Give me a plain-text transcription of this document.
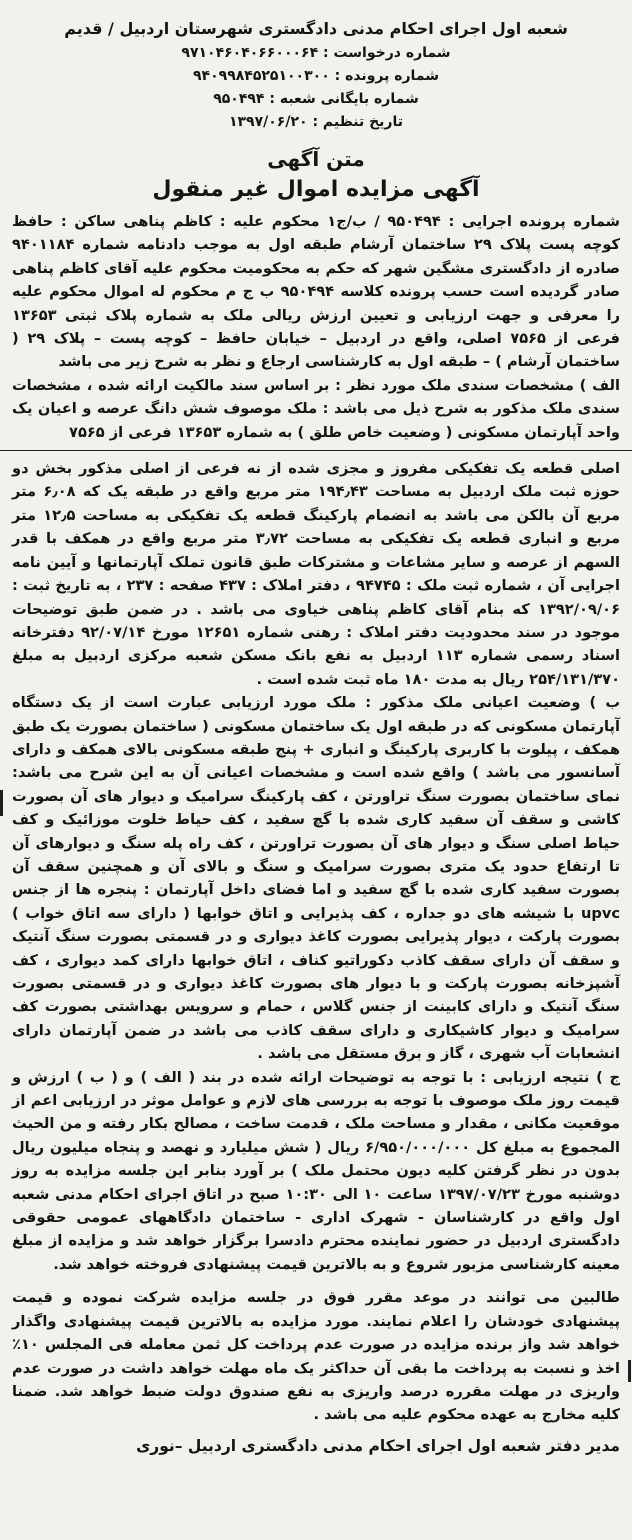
شعبه اول اجرای احکام مدنی دادگستری شهرستان اردبیل / قدیم
شماره درخواست : ۹۷۱۰۴۶۰۴۰۶۶۰۰۰۶۴
شماره پرونده : ۹۴۰۹۹۸۴۵۲۵۱۰۰۳۰۰
شماره بایگانی شعبه : ۹۵۰۴۹۴
تاریخ تنظیم : ۱۳۹۷/۰۶/۲۰
متن آگهی
آگهی مزایده اموال غیر منقول

شماره پرونده اجرایی : ۹۵۰۴۹۴ / ب/ج۱ محکوم علیه : کاظم پناهی ساکن : حافظ کوچه پست پلاک ۲۹ ساختمان آرشام طبقه اول به موجب دادنامه شماره ۹۴۰۱۱۸۴ صادره از دادگستری مشگین شهر که حکم به محکومیت محکوم علیه آقای کاظم پناهی صادر گردیده است حسب پرونده کلاسه ۹۵۰۴۹۴ ب ج م محکوم له اموال محکوم علیه را معرفی و جهت ارزیابی و تعیین ارزش ریالی ملک به شماره پلاک ثبتی ۱۳۶۵۳ فرعی از ۷۵۶۵ اصلی، واقع در اردبیل – خیابان حافظ – کوچه پست – پلاک ۲۹ ( ساختمان آرشام ) – طبقه اول به کارشناسی ارجاع و نظر به شرح زیر می باشد

الف ) مشخصات سندی ملک مورد نظر : بر اساس سند مالکیت ارائه شده ، مشخصات سندی ملک مذکور به شرح ذیل می باشد : ملک موصوف شش دانگ عرصه و اعیان یک واحد آپارتمان مسکونی ( وضعیت خاص طلق ) به شماره ۱۳۶۵۳ فرعی از ۷۵۶۵

اصلی قطعه یک تفکیکی مفروز و مجزی شده از نه فرعی از اصلی مذکور بخش دو حوزه ثبت ملک اردبیل به مساحت ۱۹۴٫۴۳ متر مربع واقع در طبقه یک که ۶٫۰۸ متر مربع آن بالکن می باشد به انضمام پارکینگ قطعه یک تفکیکی به مساحت ۱۲٫۵ متر مربع و انباری قطعه یک تفکیکی به مساحت ۳٫۷۲ متر مربع واقع در همکف با قدر السهم از عرصه و سایر مشاعات و مشترکات طبق قانون تملک آپارتمانها و آیین نامه اجرایی آن ، شماره ثبت ملک : ۹۴۷۴۵ ، دفتر املاک : ۴۳۷ صفحه : ۲۳۷ ، به تاریخ ثبت : ۱۳۹۲/۰۹/۰۶ که بنام آقای کاظم پناهی خیاوی می باشد . در ضمن طبق توضیحات موجود در سند محدودیت دفتر املاک : رهنی شماره ۱۲۶۵۱ مورخ ۹۲/۰۷/۱۴ دفترخانه اسناد رسمی شماره ۱۱۳ اردبیل به نفع بانک مسکن شعبه مرکزی اردبیل به مبلغ ۲۵۴/۱۳۱/۳۷۰ ریال به مدت ۱۸۰ ماه ثبت شده است .

ب ) وضعیت اعیانی ملک مذکور : ملک مورد ارزیابی عبارت است از یک دستگاه آپارتمان مسکونی که در طبقه اول یک ساختمان مسکونی ( ساختمان بصورت یک طبق همکف ، پیلوت با کاربری پارکینگ و انباری + پنج طبقه مسکونی بالای همکف و دارای آسانسور می باشد ) واقع شده است و مشخصات اعیانی آن به این شرح می باشد: نمای ساختمان بصورت سنگ تراورتن ، کف پارکینگ سرامیک و دیوار های آن بصورت کاشی و سقف آن سفید کاری شده با گچ سفید ، کف حیاط خلوت موزائیک و کف حیاط اصلی سنگ و دیوار های آن بصورت تراورتن ، کف راه پله سنگ و دیوارهای آن تا ارتفاع حدود یک متری بصورت سرامیک و سنگ و بالای آن و همچنین سقف آن بصورت سفید کاری شده با گچ سفید و اما فضای داخل آپارتمان : پنجره ها از جنس upvc با شیشه های دو جداره ، کف پذیرایی و اتاق خوابها ( دارای سه اتاق خواب ) بصورت پارکت ، دیوار پذیرایی بصورت کاغذ دیواری و در قسمتی بصورت سنگ آنتیک و سقف آن دارای سقف کاذب دکوراتیو کناف ، اتاق خوابها دارای کمد دیواری ، کف آشپزخانه بصورت پارکت و با دیوار های بصورت کاغذ دیواری و در قسمتی بصورت سنگ آنتیک و دارای کابینت از جنس گلاس ، حمام و سرویس بهداشتی بصورت کف سرامیک و دیوار کاشیکاری و دارای سقف کاذب می باشد در ضمن آپارتمان دارای انشعابات آب شهری ، گاز و برق مستقل می باشد .

ج ) نتیجه ارزیابی : با توجه به توضیحات ارائه شده در بند ( الف ) و ( ب ) ارزش و قیمت روز ملک موصوف با توجه به بررسی های لازم و عوامل موثر در ارزیابی اعم از موقعیت مکانی ، مقدار و مساحت ملک ، قدمت ساخت ، مصالح بکار رفته و من الحیث المجموع به مبلغ کل ۶/۹۵۰/۰۰۰/۰۰۰ ریال ( شش میلیارد و نهصد و پنجاه میلیون ریال بدون در نظر گرفتن کلیه دیون محتمل ملک ) بر آورد بنابر این جلسه مزایده به روز دوشنبه مورخ ۱۳۹۷/۰۷/۲۳ ساعت ۱۰ الی ۱۰:۳۰ صبح در اتاق اجرای احکام مدنی شعبه اول واقع در کارشناسان - شهرک اداری - ساختمان دادگاههای عمومی حقوقی دادگستری اردبیل در حضور نماینده محترم دادسرا برگزار خواهد شد و مزایده از مبلغ معینه کارشناسی مزبور شروع و به بالاترین قیمت پیشنهادی فروخته خواهد شد.

طالبین می توانند در موعد مقرر فوق در جلسه مزایده شرکت نموده و قیمت پیشنهادی خودشان را اعلام نمایند. مورد مزایده به بالاترین قیمت پیشنهادی واگذار خواهد شد واز برنده مزایده در صورت عدم پرداخت کل ثمن معامله فی المجلس ۱۰٪ اخذ و نسبت به پرداخت ما بقی آن حداکثر یک ماه مهلت خواهد داشت در صورت عدم واریزی در مهلت مقرره درصد واریزی به نفع صندوق دولت ضبط خواهد شد. ضمنا کلیه مخارج به عهده محکوم علیه می باشد .

مدیر دفتر شعبه اول اجرای احکام مدنی دادگستری اردبیل –نوری
